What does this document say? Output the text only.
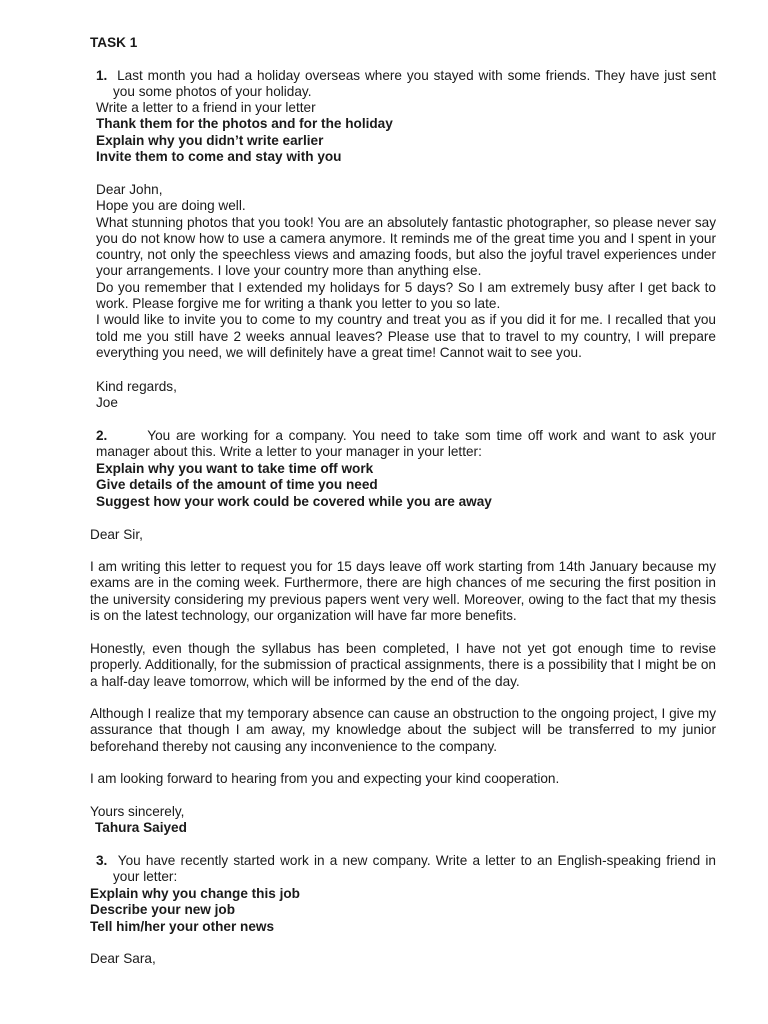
TASK 1

1. Last month you had a holiday overseas where you stayed with some friends. They have just sent you some photos of your holiday.

Write a letter to a friend in your letter

Thank them for the photos and for the holiday

Explain why you didn’t write earlier

Invite them to come and stay with you

Dear John,

Hope you are doing well.

What stunning photos that you took! You are an absolutely fantastic photographer, so please never say you do not know how to use a camera anymore. It reminds me of the great time you and I spent in your country, not only the speechless views and amazing foods, but also the joyful travel experiences under your arrangements. I love your country more than anything else.

Do you remember that I extended my holidays for 5 days? So I am extremely busy after I get back to work. Please forgive me for writing a thank you letter to you so late.

I would like to invite you to come to my country and treat you as if you did it for me. I recalled that you told me you still have 2 weeks annual leaves? Please use that to travel to my country, I will prepare everything you need, we will definitely have a great time! Cannot wait to see you.

Kind regards,

Joe

2.	You are working for a company. You need to take som time off work and want to ask your manager about this. Write a letter to your manager in your letter:

Explain why you want to take time off work

Give details of the amount of time you need

Suggest how your work could be covered while you are away

Dear Sir,

I am writing this letter to request you for 15 days leave off work starting from 14th January because my exams are in the coming week. Furthermore, there are high chances of me securing the first position in the university considering my previous papers went very well. Moreover, owing to the fact that my thesis is on the latest technology, our organization will have far more benefits.

Honestly, even though the syllabus has been completed, I have not yet got enough time to revise properly. Additionally, for the submission of practical assignments, there is a possibility that I might be on a half-day leave tomorrow, which will be informed by the end of the day.

Although I realize that my temporary absence can cause an obstruction to the ongoing project, I give my assurance that though I am away, my knowledge about the subject will be transferred to my junior beforehand thereby not causing any inconvenience to the company.

I am looking forward to hearing from you and expecting your kind cooperation.

Yours sincerely,

Tahura Saiyed

3. You have recently started work in a new company. Write a letter to an English-speaking friend in your letter:

Explain why you change this job

Describe your new job

Tell him/her your other news

Dear Sara,
